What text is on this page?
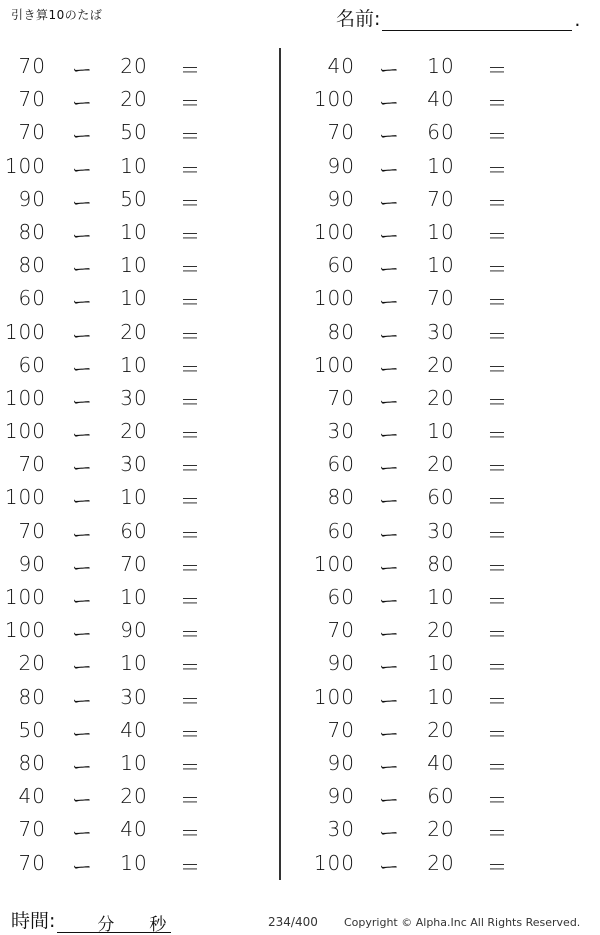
引き算10のたば	名前:	.
70 ー	20	＝
70 ー	20	＝
70 ー	50	＝
100 ー	10	＝
90 ー	50	＝
80 ー	10	＝
80 ー	10	＝
60 ー	10	＝
100 ー	20	＝
60 ー	10	＝
100 ー	30	＝
100 ー	20	＝
70 ー	30	＝
100 ー	10	＝
70 ー	60	＝
90 ー	70	＝
100 ー	10	＝
100 ー	90	＝
20 ー	10	＝
80 ー	30	＝
50 ー	40	＝
80 ー	10	＝
40 ー	20	＝
70 ー	40	＝
70 ー	10	＝
40 ー	10	＝
100 ー	40	＝
70 ー	60	＝
90 ー	10	＝
90 ー	70	＝
100 ー	10	＝
60 ー	10	＝
100 ー	70	＝
80 ー	30	＝
100 ー	20	＝
70 ー	20	＝
30 ー	10	＝
60 ー	20	＝
80 ー	60	＝
60 ー	30	＝
100 ー	80	＝
60 ー	10	＝
70 ー	20	＝
90 ー	10	＝
100 ー	10	＝
70 ー	20	＝
90 ー	40	＝
90 ー	60	＝
30 ー	20	＝
100 ー	20	＝
時間: 分 秒	234/400 Copyright © Alpha.Inc All Rights Reserved.
